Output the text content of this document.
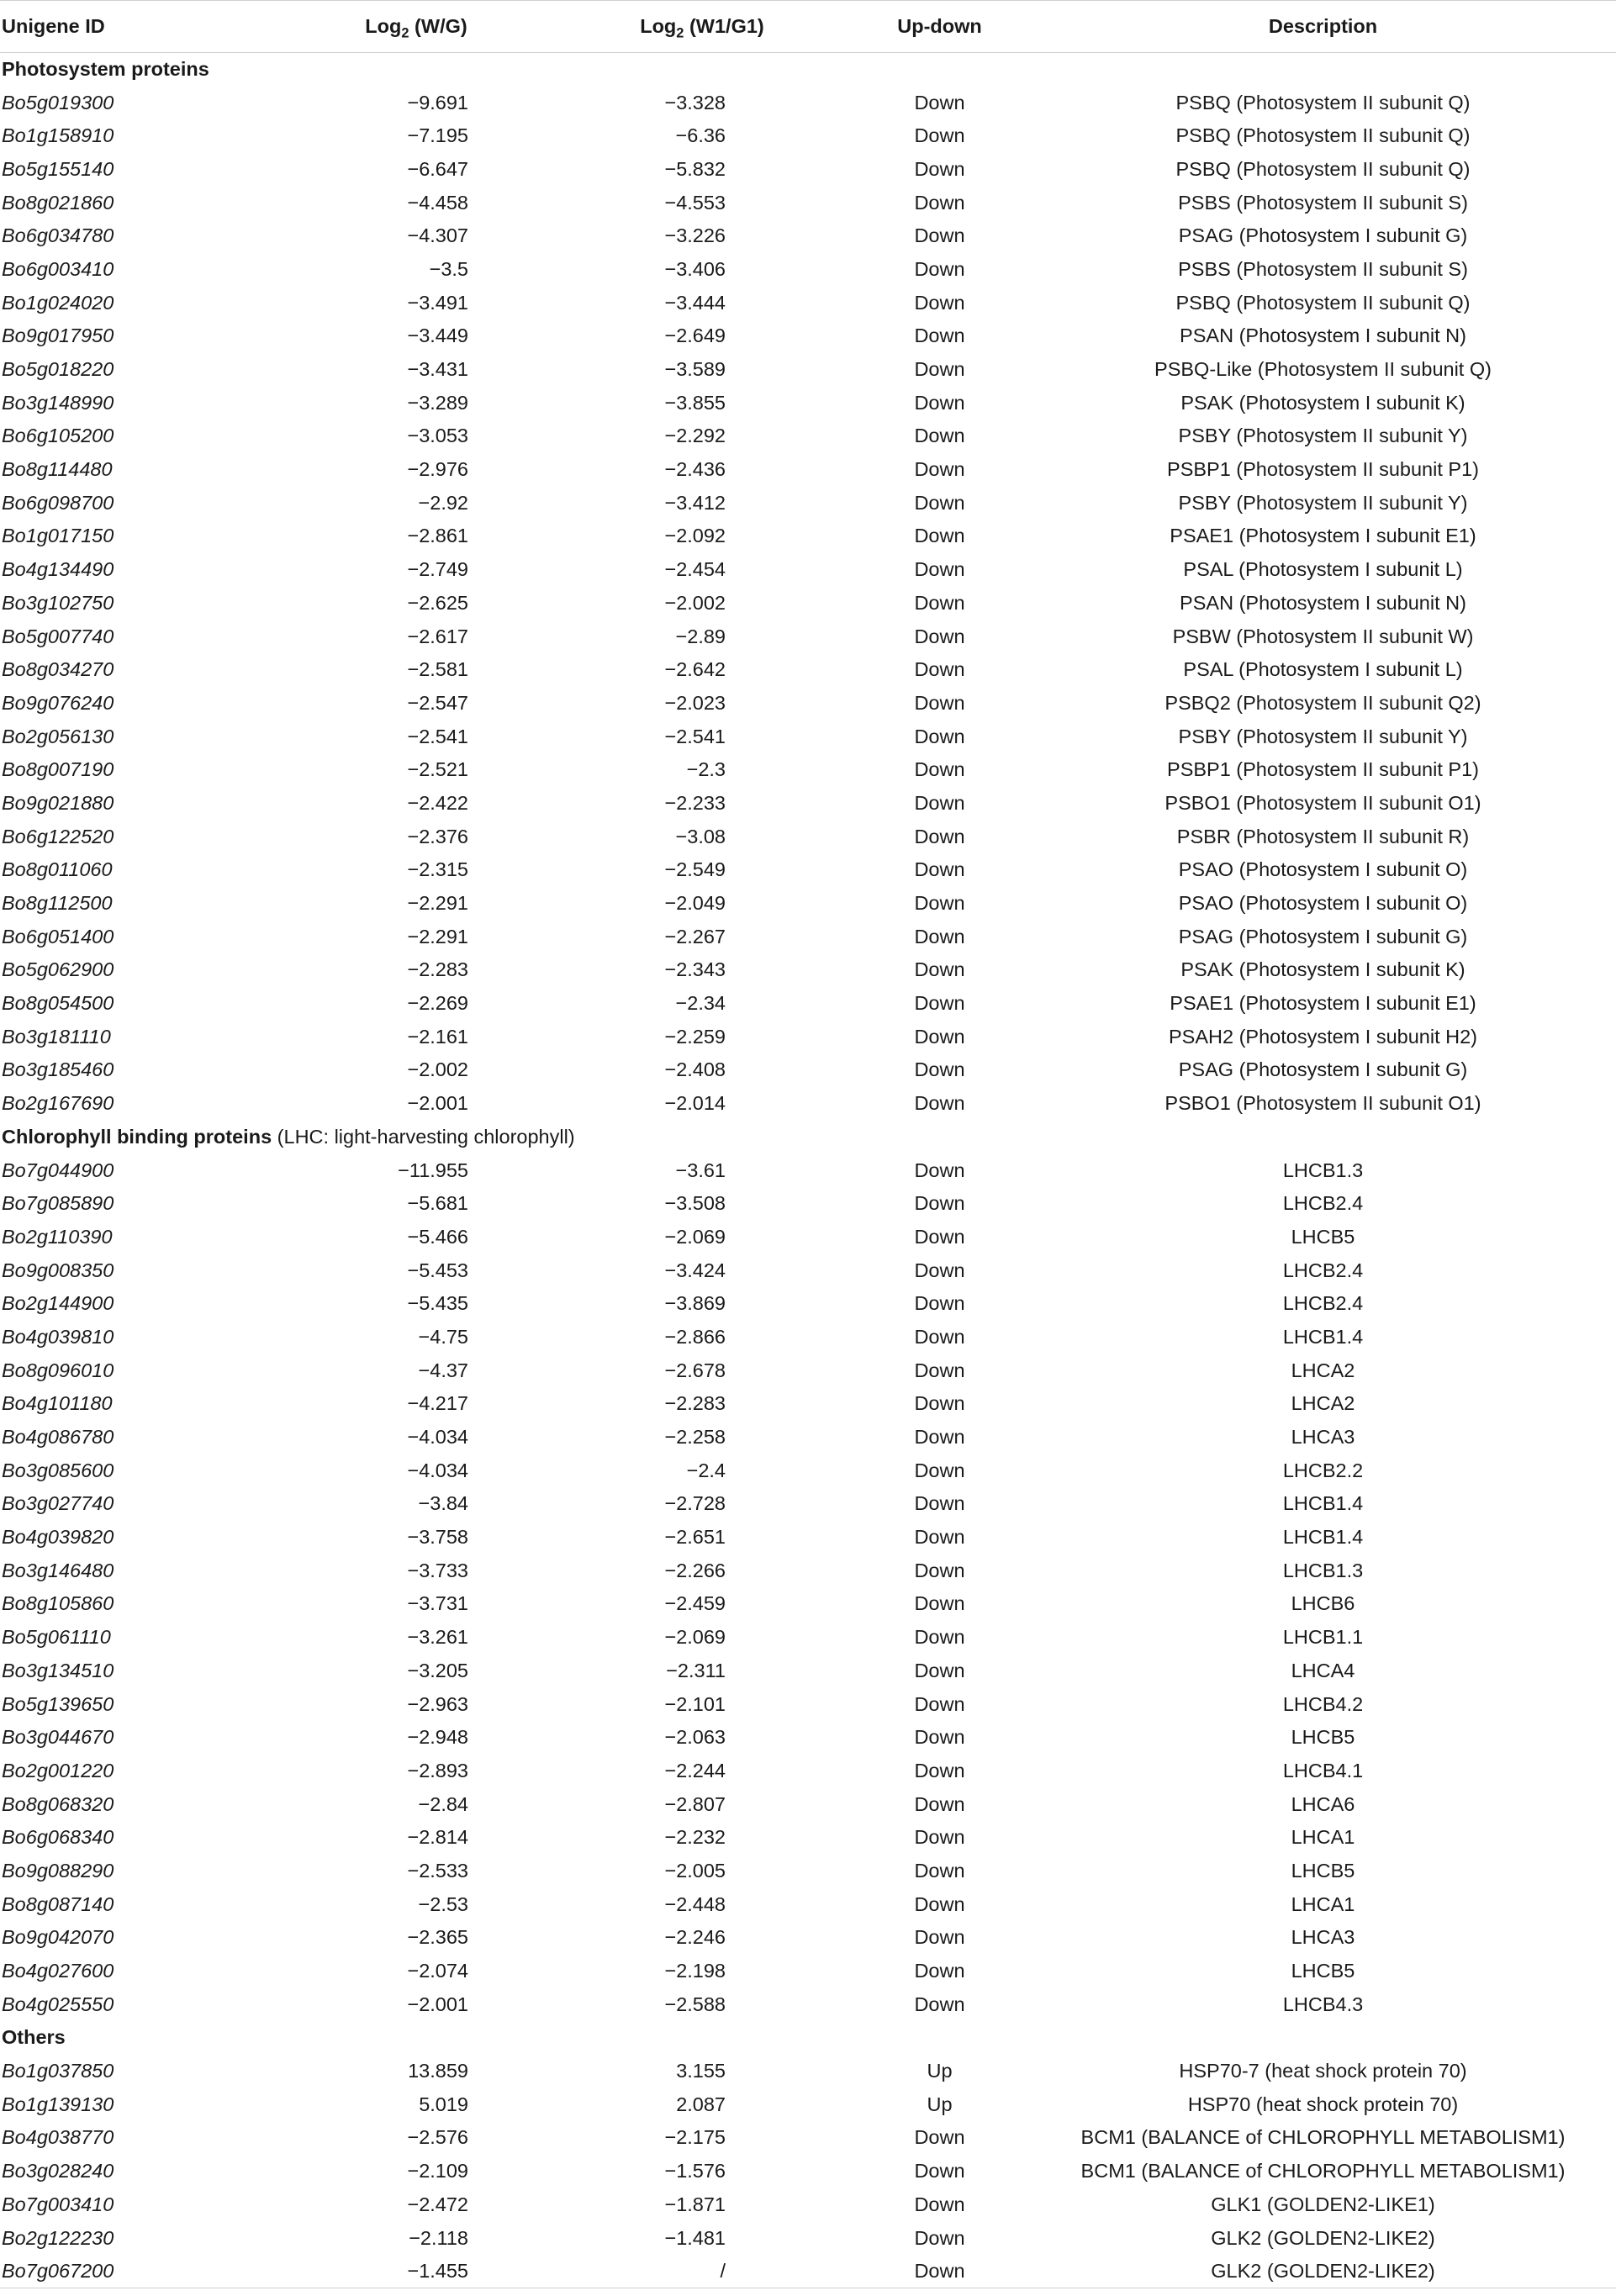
Unigene ID	Log$_2$ (W/G)	Log$_2$ (W1/G1)	Up-down	Description
Photosystem proteins				
Bo5g019300	−9.691	−3.328	Down	PSBQ (Photosystem II subunit Q)
Bo1g158910	−7.195	−6.36	Down	PSBQ (Photosystem II subunit Q)
Bo5g155140	−6.647	−5.832	Down	PSBQ (Photosystem II subunit Q)
Bo8g021860	−4.458	−4.553	Down	PSBS (Photosystem II subunit S)
Bo6g034780	−4.307	−3.226	Down	PSAG (Photosystem I subunit G)
Bo6g003410	−3.5	−3.406	Down	PSBS (Photosystem II subunit S)
Bo1g024020	−3.491	−3.444	Down	PSBQ (Photosystem II subunit Q)
Bo9g017950	−3.449	−2.649	Down	PSAN (Photosystem I subunit N)
Bo5g018220	−3.431	−3.589	Down	PSBQ-Like (Photosystem II subunit Q)
Bo3g148990	−3.289	−3.855	Down	PSAK (Photosystem I subunit K)
Bo6g105200	−3.053	−2.292	Down	PSBY (Photosystem II subunit Y)
Bo8g114480	−2.976	−2.436	Down	PSBP1 (Photosystem II subunit P1)
Bo6g098700	−2.92	−3.412	Down	PSBY (Photosystem II subunit Y)
Bo1g017150	−2.861	−2.092	Down	PSAE1 (Photosystem I subunit E1)
Bo4g134490	−2.749	−2.454	Down	PSAL (Photosystem I subunit L)
Bo3g102750	−2.625	−2.002	Down	PSAN (Photosystem I subunit N)
Bo5g007740	−2.617	−2.89	Down	PSBW (Photosystem II subunit W)
Bo8g034270	−2.581	−2.642	Down	PSAL (Photosystem I subunit L)
Bo9g076240	−2.547	−2.023	Down	PSBQ2 (Photosystem II subunit Q2)
Bo2g056130	−2.541	−2.541	Down	PSBY (Photosystem II subunit Y)
Bo8g007190	−2.521	−2.3	Down	PSBP1 (Photosystem II subunit P1)
Bo9g021880	−2.422	−2.233	Down	PSBO1 (Photosystem II subunit O1)
Bo6g122520	−2.376	−3.08	Down	PSBR (Photosystem II subunit R)
Bo8g011060	−2.315	−2.549	Down	PSAO (Photosystem I subunit O)
Bo8g112500	−2.291	−2.049	Down	PSAO (Photosystem I subunit O)
Bo6g051400	−2.291	−2.267	Down	PSAG (Photosystem I subunit G)
Bo5g062900	−2.283	−2.343	Down	PSAK (Photosystem I subunit K)
Bo8g054500	−2.269	−2.34	Down	PSAE1 (Photosystem I subunit E1)
Bo3g181110	−2.161	−2.259	Down	PSAH2 (Photosystem I subunit H2)
Bo3g185460	−2.002	−2.408	Down	PSAG (Photosystem I subunit G)
Bo2g167690	−2.001	−2.014	Down	PSBO1 (Photosystem II subunit O1)
Chlorophyll binding proteins (LHC: light-harvesting chlorophyll)				
Bo7g044900	−11.955	−3.61	Down	LHCB1.3
Bo7g085890	−5.681	−3.508	Down	LHCB2.4
Bo2g110390	−5.466	−2.069	Down	LHCB5
Bo9g008350	−5.453	−3.424	Down	LHCB2.4
Bo2g144900	−5.435	−3.869	Down	LHCB2.4
Bo4g039810	−4.75	−2.866	Down	LHCB1.4
Bo8g096010	−4.37	−2.678	Down	LHCA2
Bo4g101180	−4.217	−2.283	Down	LHCA2
Bo4g086780	−4.034	−2.258	Down	LHCA3
Bo3g085600	−4.034	−2.4	Down	LHCB2.2
Bo3g027740	−3.84	−2.728	Down	LHCB1.4
Bo4g039820	−3.758	−2.651	Down	LHCB1.4
Bo3g146480	−3.733	−2.266	Down	LHCB1.3
Bo8g105860	−3.731	−2.459	Down	LHCB6
Bo5g061110	−3.261	−2.069	Down	LHCB1.1
Bo3g134510	−3.205	−2.311	Down	LHCA4
Bo5g139650	−2.963	−2.101	Down	LHCB4.2
Bo3g044670	−2.948	−2.063	Down	LHCB5
Bo2g001220	−2.893	−2.244	Down	LHCB4.1
Bo8g068320	−2.84	−2.807	Down	LHCA6
Bo6g068340	−2.814	−2.232	Down	LHCA1
Bo9g088290	−2.533	−2.005	Down	LHCB5
Bo8g087140	−2.53	−2.448	Down	LHCA1
Bo9g042070	−2.365	−2.246	Down	LHCA3
Bo4g027600	−2.074	−2.198	Down	LHCB5
Bo4g025550	−2.001	−2.588	Down	LHCB4.3
Others				
Bo1g037850	13.859	3.155	Up	HSP70-7 (heat shock protein 70)
Bo1g139130	5.019	2.087	Up	HSP70 (heat shock protein 70)
Bo4g038770	−2.576	−2.175	Down	BCM1 (BALANCE of CHLOROPHYLL METABOLISM1)
Bo3g028240	−2.109	−1.576	Down	BCM1 (BALANCE of CHLOROPHYLL METABOLISM1)
Bo7g003410	−2.472	−1.871	Down	GLK1 (GOLDEN2-LIKE1)
Bo2g122230	−2.118	−1.481	Down	GLK2 (GOLDEN2-LIKE2)
Bo7g067200	−1.455	/	Down	GLK2 (GOLDEN2-LIKE2)
